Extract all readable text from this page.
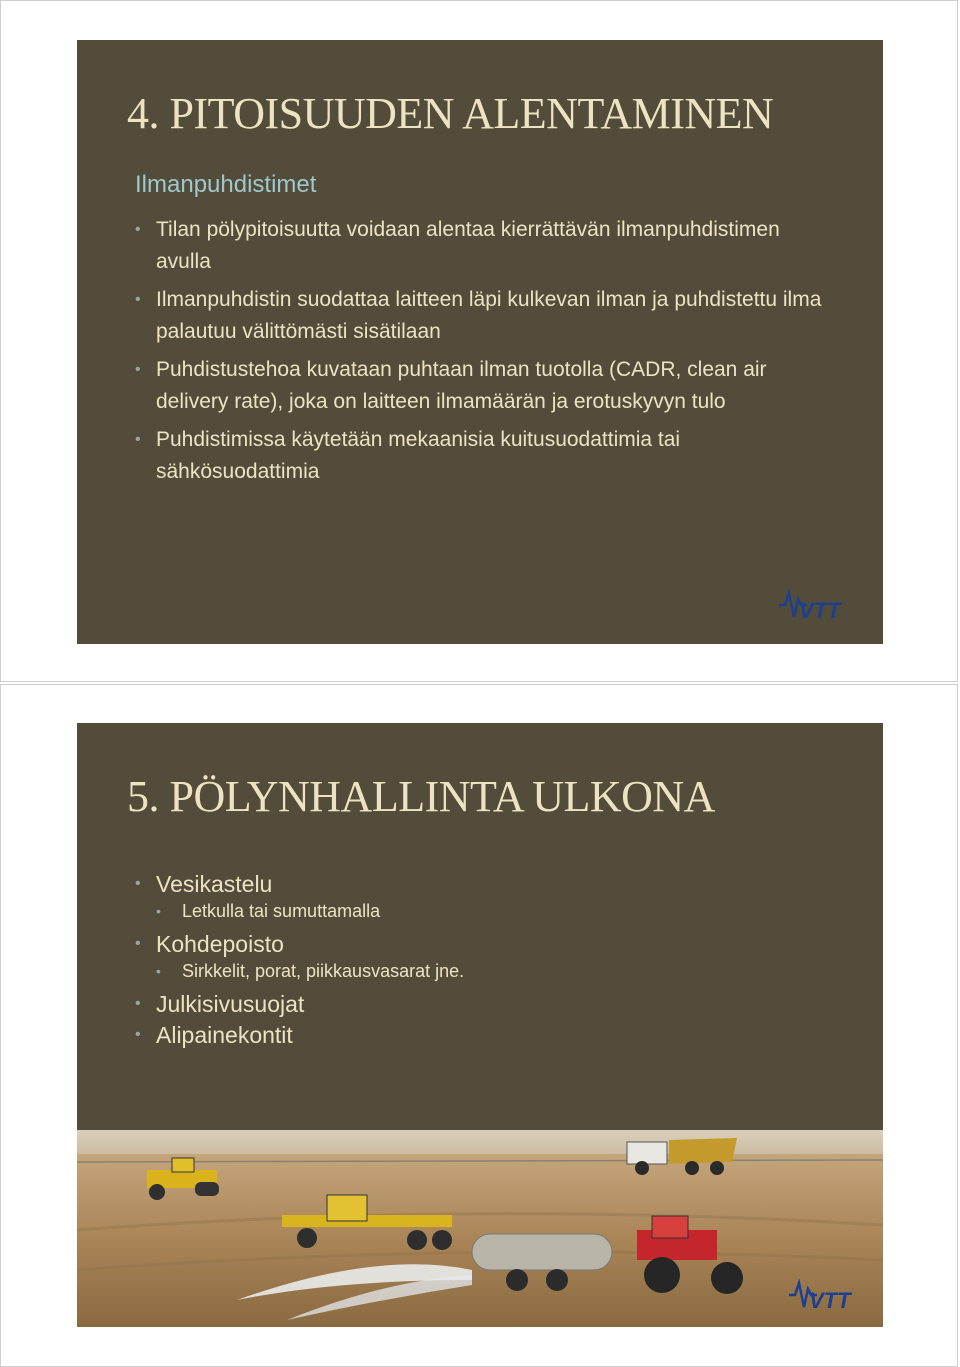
4. PITOISUUDEN ALENTAMINEN
Ilmanpuhdistimet
• Tilan pölypitoisuutta voidaan alentaa kierrättävän ilmanpuhdistimen avulla
• Ilmanpuhdistin suodattaa laitteen läpi kulkevan ilman ja puhdistettu ilma palautuu välittömästi sisätilaan
• Puhdistustehoa kuvataan puhtaan ilman tuotolla (CADR, clean air delivery rate), joka on laitteen ilmamäärän ja erotuskyvyn tulo
• Puhdistimissa käytetään mekaanisia kuitusuodattimia tai sähkösuodattimia
VTT
5. PÖLYNHALLINTA ULKONA
• Vesikastelu
• Letkulla tai sumuttamalla
• Kohdepoisto
• Sirkkelit, porat, piikkausvasarat jne.
• Julkisivusuojat
• Alipainekontit
VTT
